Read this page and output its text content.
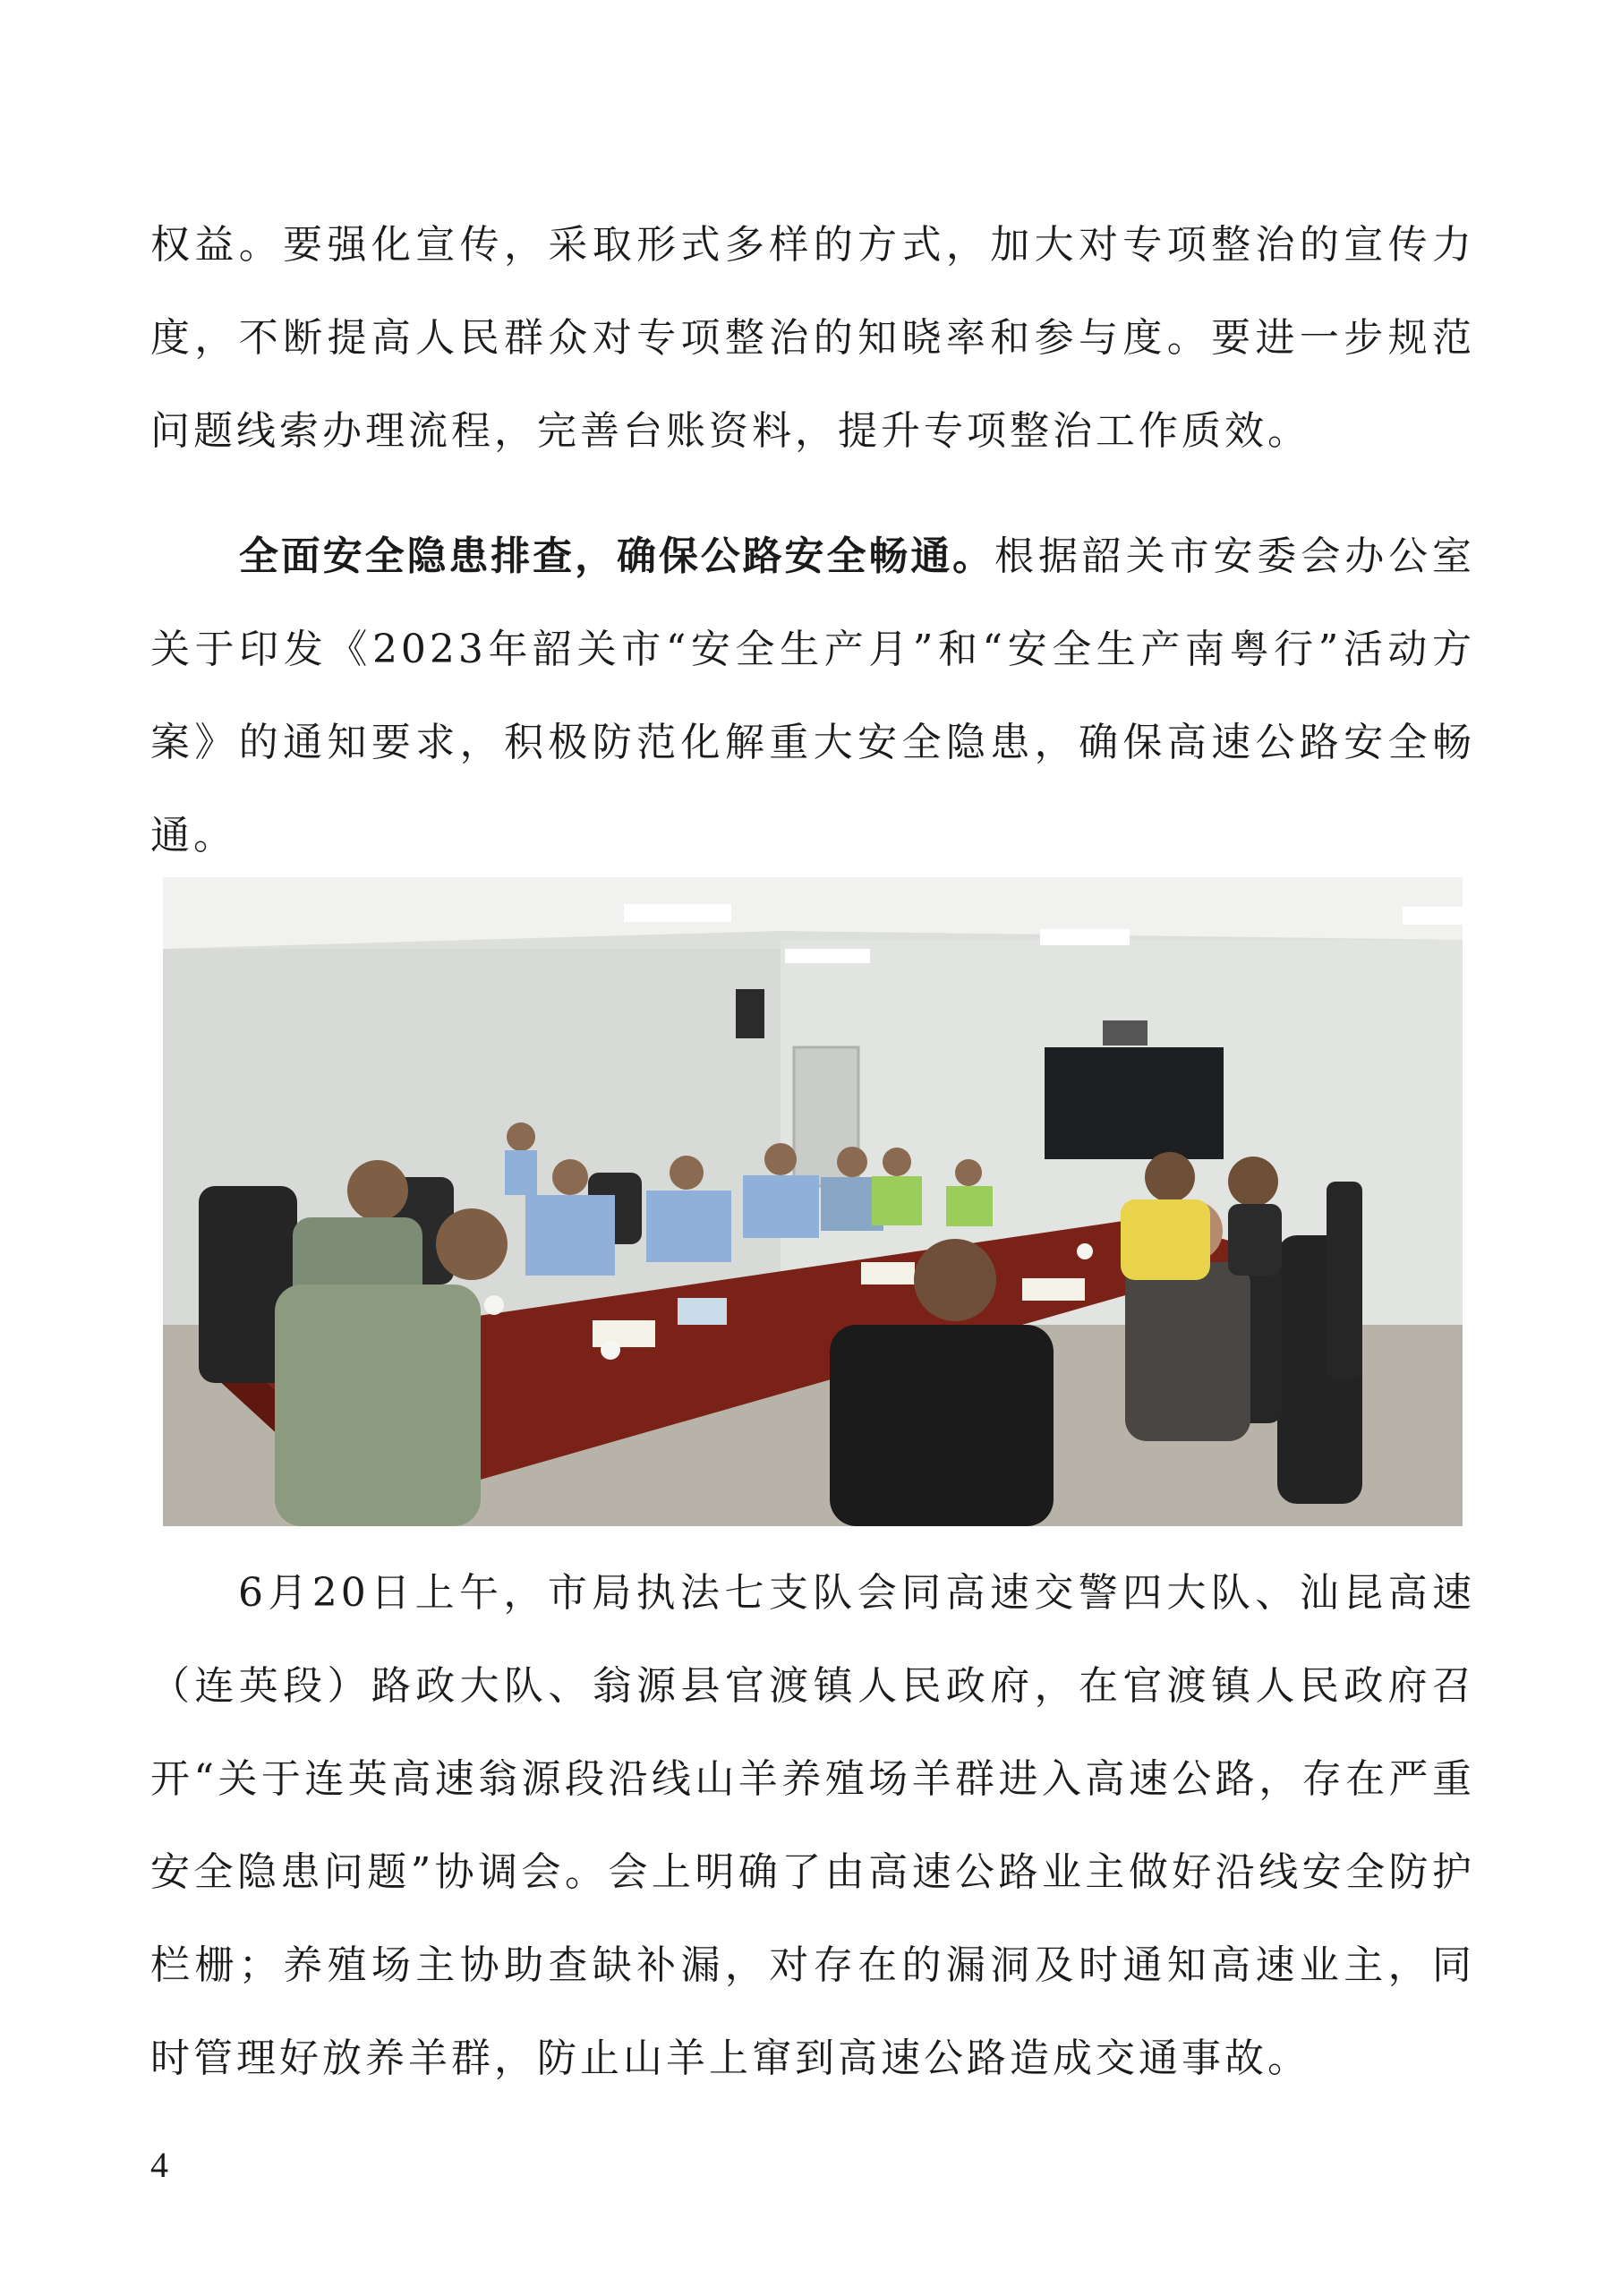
权益。要强化宣传，采取形式多样的方式，加大对专项整治的宣传力度，不断提高人民群众对专项整治的知晓率和参与度。要进一步规范问题线索办理流程，完善台账资料，提升专项整治工作质效。

全面安全隐患排查，确保公路安全畅通。根据韶关市安委会办公室关于印发《2023年韶关市“安全生产月”和“安全生产南粤行”活动方案》的通知要求，积极防范化解重大安全隐患，确保高速公路安全畅通。

6月20日上午，市局执法七支队会同高速交警四大队、汕昆高速（连英段）路政大队、翁源县官渡镇人民政府，在官渡镇人民政府召开“关于连英高速翁源段沿线山羊养殖场羊群进入高速公路，存在严重安全隐患问题”协调会。会上明确了由高速公路业主做好沿线安全防护栏栅；养殖场主协助查缺补漏，对存在的漏洞及时通知高速业主，同时管理好放养羊群，防止山羊上窜到高速公路造成交通事故。

4
